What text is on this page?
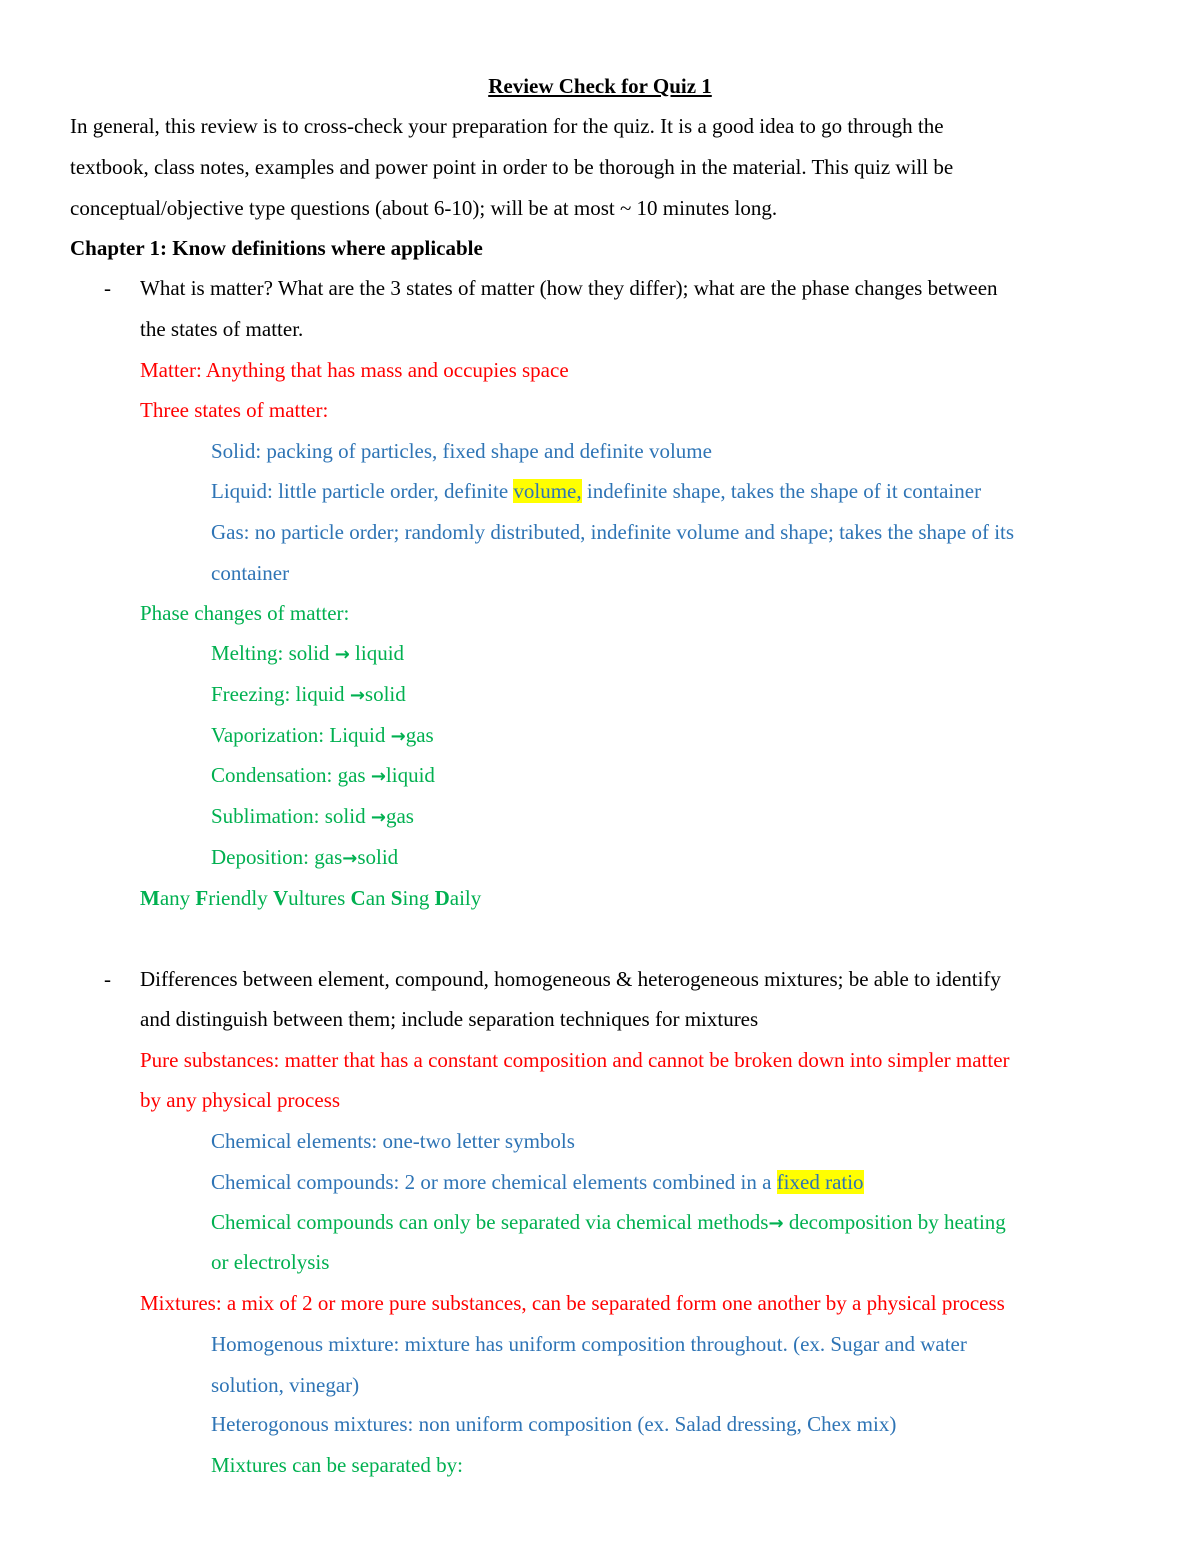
Review Check for Quiz 1
In general, this review is to cross-check your preparation for the quiz. It is a good idea to go through the
textbook, class notes, examples and power point in order to be thorough in the material. This quiz will be
conceptual/objective type questions (about 6-10); will be at most ~ 10 minutes long.
Chapter 1: Know definitions where applicable
- What is matter? What are the 3 states of matter (how they differ); what are the phase changes between
the states of matter.
Matter: Anything that has mass and occupies space
Three states of matter:
Solid: packing of particles, fixed shape and definite volume
Liquid: little particle order, definite volume, indefinite shape, takes the shape of it container
Gas: no particle order; randomly distributed, indefinite volume and shape; takes the shape of its
container
Phase changes of matter:
Melting: solid → liquid
Freezing: liquid →solid
Vaporization: Liquid →gas
Condensation: gas →liquid
Sublimation: solid →gas
Deposition: gas→solid
Many Friendly Vultures Can Sing Daily
- Differences between element, compound, homogeneous & heterogeneous mixtures; be able to identify
and distinguish between them; include separation techniques for mixtures
Pure substances: matter that has a constant composition and cannot be broken down into simpler matter
by any physical process
Chemical elements: one-two letter symbols
Chemical compounds: 2 or more chemical elements combined in a fixed ratio
Chemical compounds can only be separated via chemical methods→ decomposition by heating
or electrolysis
Mixtures: a mix of 2 or more pure substances, can be separated form one another by a physical process
Homogenous mixture: mixture has uniform composition throughout. (ex. Sugar and water
solution, vinegar)
Heterogonous mixtures: non uniform composition (ex. Salad dressing, Chex mix)
Mixtures can be separated by:
